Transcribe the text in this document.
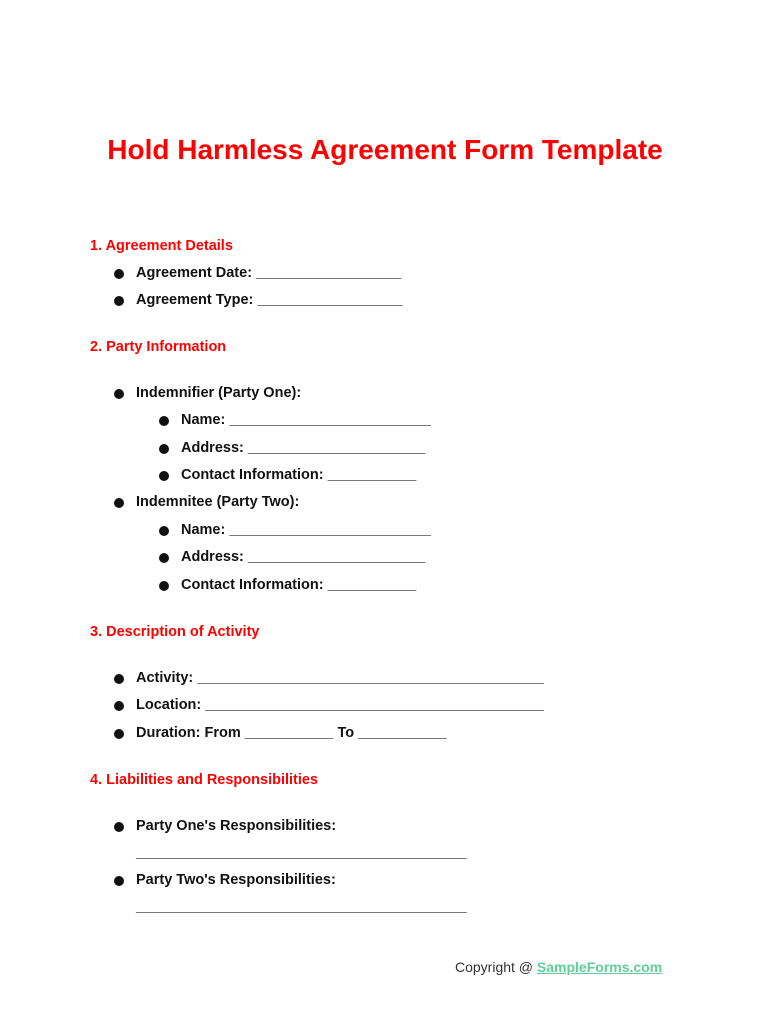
Hold Harmless Agreement Form Template
1. Agreement Details
Agreement Date: __________________
Agreement Type: __________________
2. Party Information
Indemnifier (Party One):
Name: _________________________
Address: ______________________
Contact Information: ___________
Indemnitee (Party Two):
Name: _________________________
Address: ______________________
Contact Information: ___________
3. Description of Activity
Activity: ___________________________________________
Location: __________________________________________
Duration: From ___________ To ___________
4. Liabilities and Responsibilities
Party One's Responsibilities:
_________________________________________
Party Two's Responsibilities:
_________________________________________
Copyright @ SampleForms.com
